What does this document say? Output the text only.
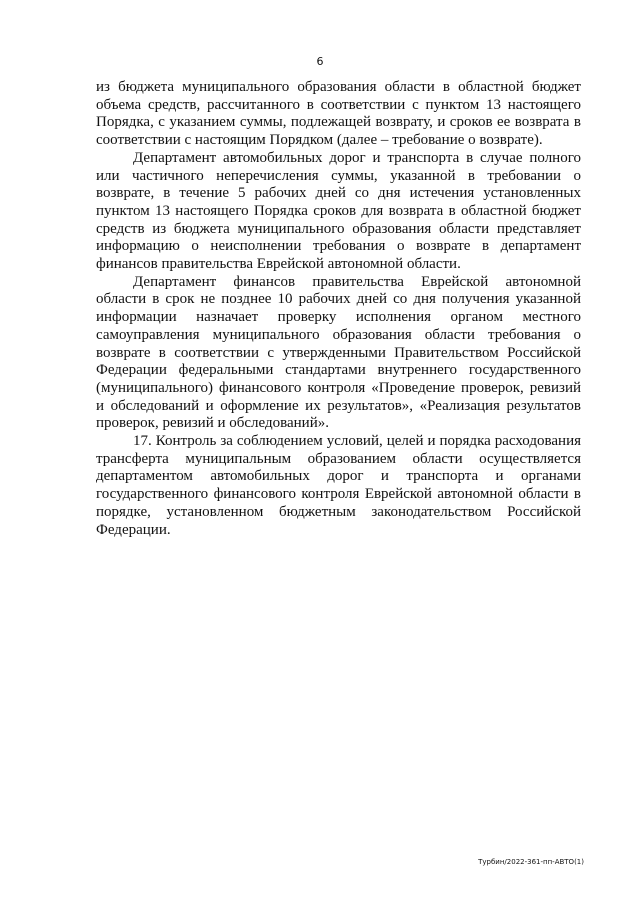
6

из бюджета муниципального образования области в областной бюджет объема средств, рассчитанного в соответствии с пунктом 13 настоящего Порядка, с указанием суммы, подлежащей возврату, и сроков ее возврата в соответствии с настоящим Порядком (далее – требование о возврате).

Департамент автомобильных дорог и транспорта в случае полного или частичного неперечисления суммы, указанной в требовании о возврате, в течение 5 рабочих дней со дня истечения установленных пунктом 13 настоящего Порядка сроков для возврата в областной бюджет средств из бюджета муниципального образования области представляет информацию о неисполнении требования о возврате в департамент финансов правительства Еврейской автономной области.

Департамент финансов правительства Еврейской автономной области в срок не позднее 10 рабочих дней со дня получения указанной информации назначает проверку исполнения органом местного самоуправления муниципального образования области требования о возврате в соответствии с утвержденными Правительством Российской Федерации федеральными стандартами внутреннего государственного (муниципального) финансового контроля «Проведение проверок, ревизий и обследований и оформление их результатов», «Реализация результатов проверок, ревизий и обследований».

17. Контроль за соблюдением условий, целей и порядка расходования трансферта муниципальным образованием области осуществляется департаментом автомобильных дорог и транспорта и органами государственного финансового контроля Еврейской автономной области в порядке, установленном бюджетным законодательством Российской Федерации.

Турбин/2022-361-пп-АВТО(1)
